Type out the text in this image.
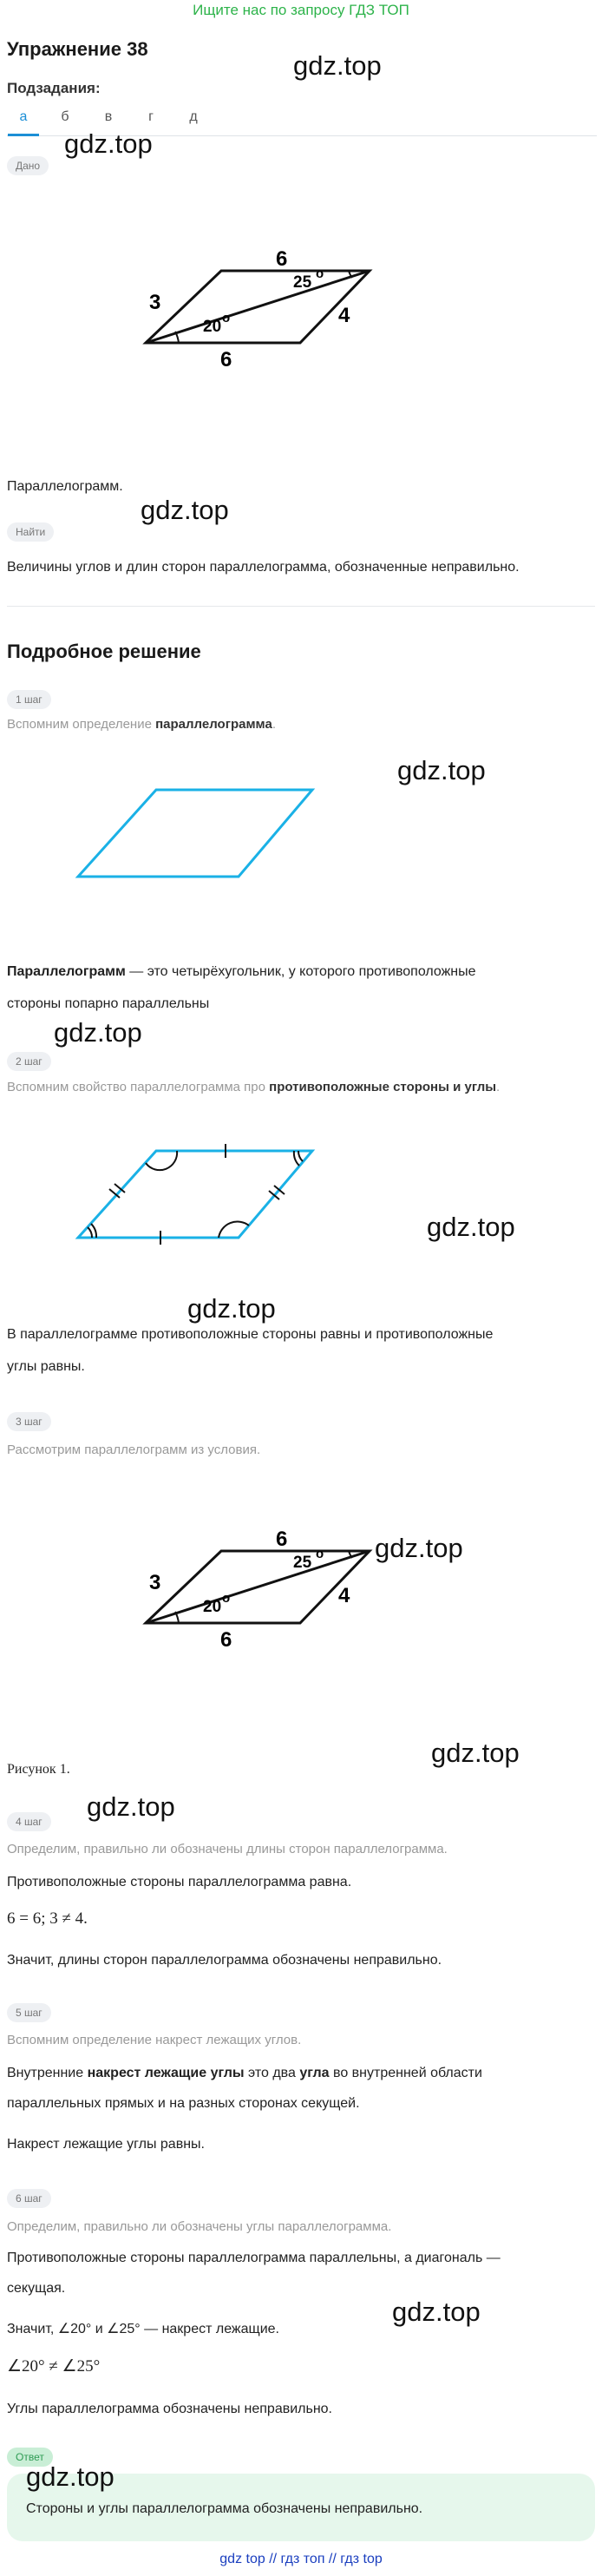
Ищите нас по запросу ГДЗ ТОП
Упражнение 38
gdz.top
Подзадания:
а	б	в	г	д
Дано
gdz.top
6
3
4
6
25 o
20 o
Параллелограмм.
Найти
gdz.top
Величины углов и длин сторон параллелограмма, обозначенные неправильно.
Подробное решение
1 шаг
Вспомним определение параллелограмма.
gdz.top
Параллелограмм — это четырёхугольник, у которого противоположные
стороны попарно параллельны
gdz.top
2 шаг
Вспомним свойство параллелограмма про противоположные стороны и углы.
gdz.top
gdz.top
В параллелограмме противоположные стороны равны и противоположные
углы равны.
3 шаг
Рассмотрим параллелограмм из условия.
6
3
4
6
25 o
20 o
gdz.top
Рисунок 1.
gdz.top
gdz.top
4 шаг
Определим, правильно ли обозначены длины сторон параллелограмма.
Противоположные стороны параллелограмма равна.
6 = 6; 3 ≠ 4.
Значит, длины сторон параллелограмма обозначены неправильно.
5 шаг
Вспомним определение накрест лежащих углов.
Внутренние накрест лежащие углы это два угла во внутренней области
параллельных прямых и на разных сторонах секущей.
Накрест лежащие углы равны.
6 шаг
Определим, правильно ли обозначены углы параллелограмма.
Противоположные стороны параллелограмма параллельны, а диагональ —
секущая.
gdz.top
Значит, ∠20° и ∠25° — накрест лежащие.
∠20° ≠ ∠25°
Углы параллелограмма обозначены неправильно.
Ответ
Стороны и углы параллелограмма обозначены неправильно.
gdz.top
gdz top // гдз топ // гдз top
